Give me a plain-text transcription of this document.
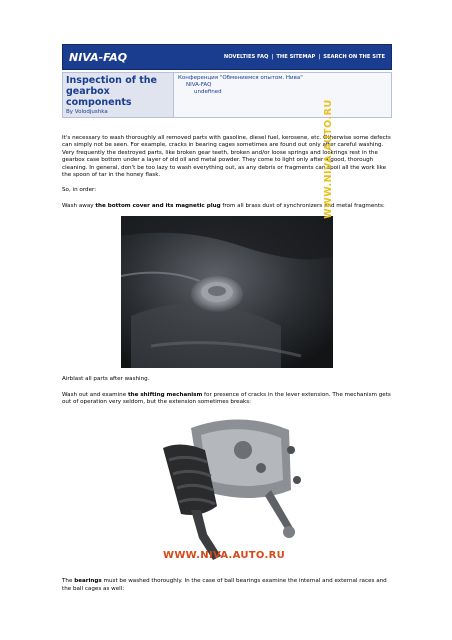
NIVA-FAQ	NOVELTIES FAQ | THE SITEMAP | SEARCH ON THE SITE
Inspection of the gearbox components
By Volodjushka
Конференция "Обмениемся опытом. Нива"
NIVA-FAQ
undefined

It's necessary to wash thoroughly all removed parts with gasoline, diesel fuel, kerosene, etc. Otherwise some defects can simply not be seen. For example, cracks in bearing cages sometimes are found out only after careful washing. Very frequently the destroyed parts, like broken gear teeth, broken and/or loose springs and lockrings rest in the gearbox case bottom under a layer of old oil and metal powder. They come to light only after a good, thorough cleaning. In general, don't be too lazy to wash everything out, as any debris or fragments can spoil all the work like the spoon of tar in the honey flask.

So, in order:

Wash away the bottom cover and its magnetic plug from all brass dust of synchronizers and metal fragments:

WWW.NIVA.AUTO.RU

Airblast all parts after washing.

Wash out and examine the shifting mechanism for presence of cracks in the lever extension. The mechanism gets out of operation very seldom, but the extension sometimes breaks:

WWW.NIVA.AUTO.RU

The bearings must be washed thoroughly. In the case of ball bearings examine the internal and external races and the ball cages as well:
